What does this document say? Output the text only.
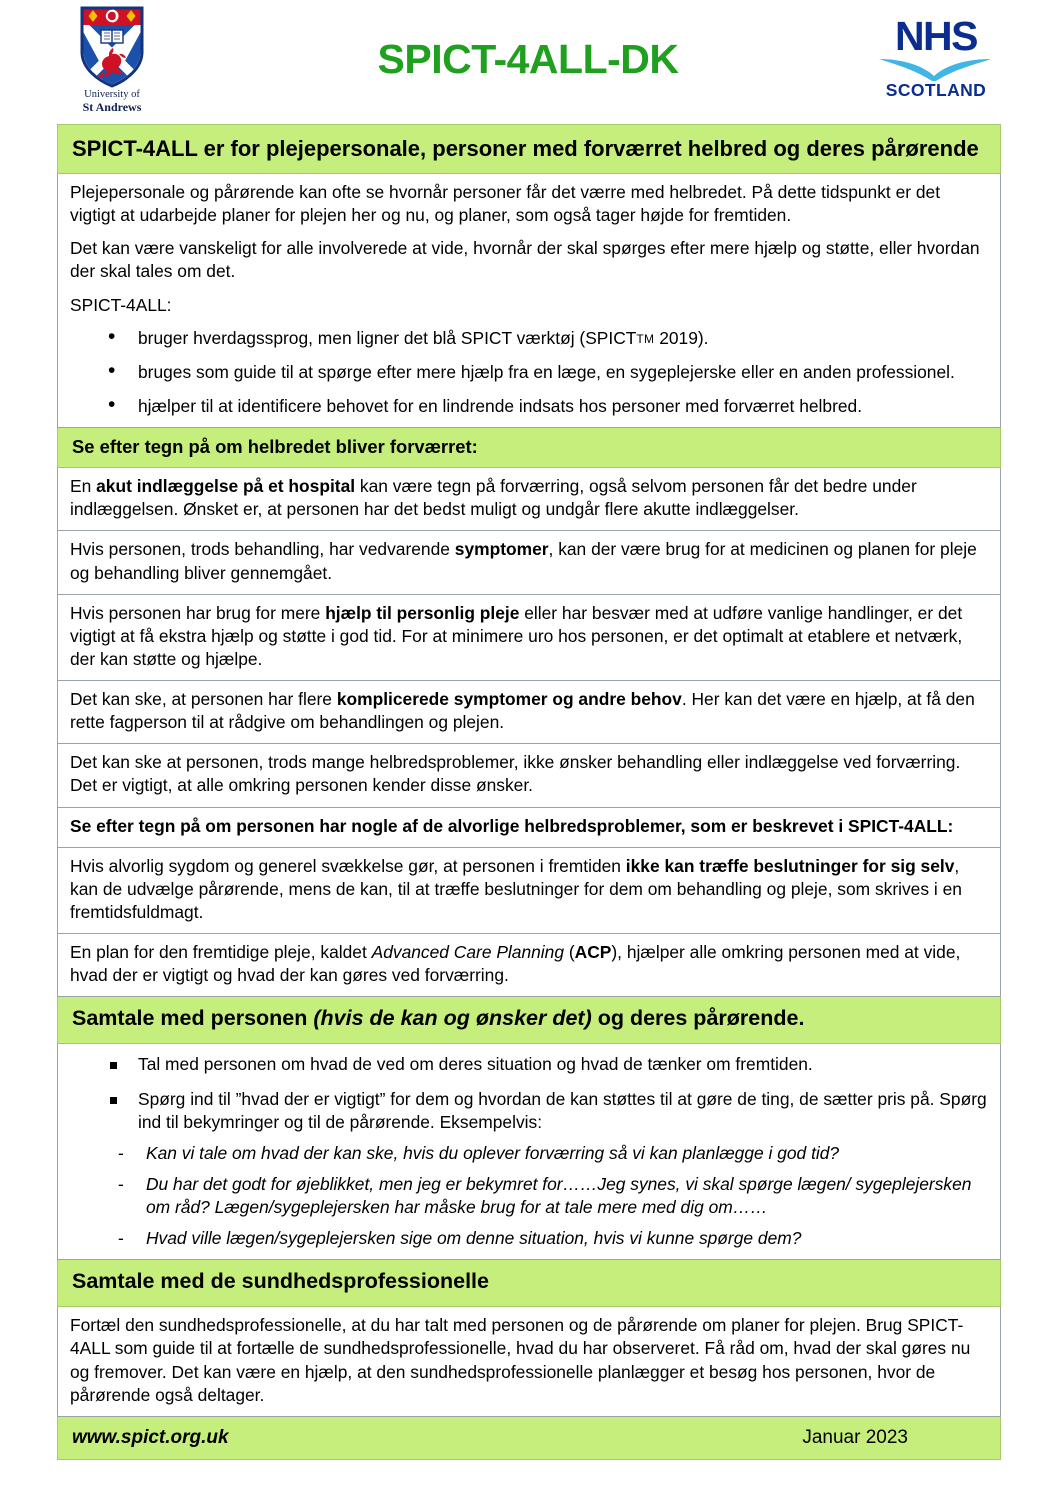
University of
St Andrews
SPICT-4ALL-DK	NHS
SCOTLAND
SPICT-4ALL er for plejepersonale, personer med forværret helbred og deres pårørende

Plejepersonale og pårørende kan ofte se hvornår personer får det værre med helbredet. På dette tidspunkt er det vigtigt at udarbejde planer for plejen her og nu, og planer, som også tager højde for fremtiden.

Det kan være vanskeligt for alle involverede at vide, hvornår der skal spørges efter mere hjælp og støtte, eller hvordan der skal tales om det.

SPICT-4ALL:

• bruger hverdagssprog, men ligner det blå SPICT værktøj (SPICTTM 2019).
• bruges som guide til at spørge efter mere hjælp fra en læge, en sygeplejerske eller en anden professionel.
• hjælper til at identificere behovet for en lindrende indsats hos personer med forværret helbred.

Se efter tegn på om helbredet bliver forværret:
En akut indlæggelse på et hospital kan være tegn på forværring, også selvom personen får det bedre under indlæggelsen. Ønsket er, at personen har det bedst muligt og undgår flere akutte indlæggelser.
Hvis personen, trods behandling, har vedvarende symptomer, kan der være brug for at medicinen og planen for pleje og behandling bliver gennemgået.
Hvis personen har brug for mere hjælp til personlig pleje eller har besvær med at udføre vanlige handlinger, er det vigtigt at få ekstra hjælp og støtte i god tid. For at minimere uro hos personen, er det optimalt at etablere et netværk, der kan støtte og hjælpe.
Det kan ske, at personen har flere komplicerede symptomer og andre behov. Her kan det være en hjælp, at få den rette fagperson til at rådgive om behandlingen og plejen.
Det kan ske at personen, trods mange helbredsproblemer, ikke ønsker behandling eller indlæggelse ved forværring. Det er vigtigt, at alle omkring personen kender disse ønsker.
Se efter tegn på om personen har nogle af de alvorlige helbredsproblemer, som er beskrevet i SPICT-4ALL:
Hvis alvorlig sygdom og generel svækkelse gør, at personen i fremtiden ikke kan træffe beslutninger for sig selv, kan de udvælge pårørende, mens de kan, til at træffe beslutninger for dem om behandling og pleje, som skrives i en fremtidsfuldmagt.
En plan for den fremtidige pleje, kaldet Advanced Care Planning (ACP), hjælper alle omkring personen med at vide, hvad der er vigtigt og hvad der kan gøres ved forværring.
Samtale med personen (hvis de kan og ønsker det) og deres pårørende.

Tal med personen om hvad de ved om deres situation og hvad de tænker om fremtiden.
Spørg ind til ”hvad der er vigtigt” for dem og hvordan de kan støttes til at gøre de ting, de sætter pris på. Spørg ind til bekymringer og til de pårørende. Eksempelvis:
- Kan vi tale om hvad der kan ske, hvis du oplever forværring så vi kan planlægge i god tid?
- Du har det godt for øjeblikket, men jeg er bekymret for……Jeg synes, vi skal spørge lægen/ sygeplejersken om råd? Lægen/sygeplejersken har måske brug for at tale mere med dig om……
- Hvad ville lægen/sygeplejersken sige om denne situation, hvis vi kunne spørge dem?

Samtale med de sundhedsprofessionelle
Fortæl den sundhedsprofessionelle, at du har talt med personen og de pårørende om planer for plejen. Brug SPICT-4ALL som guide til at fortælle de sundhedsprofessionelle, hvad du har observeret. Få råd om, hvad der skal gøres nu og fremover. Det kan være en hjælp, at den sundhedsprofessionelle planlægger et besøg hos personen, hvor de pårørende også deltager.

www.spict.org.uk	Januar 2023
